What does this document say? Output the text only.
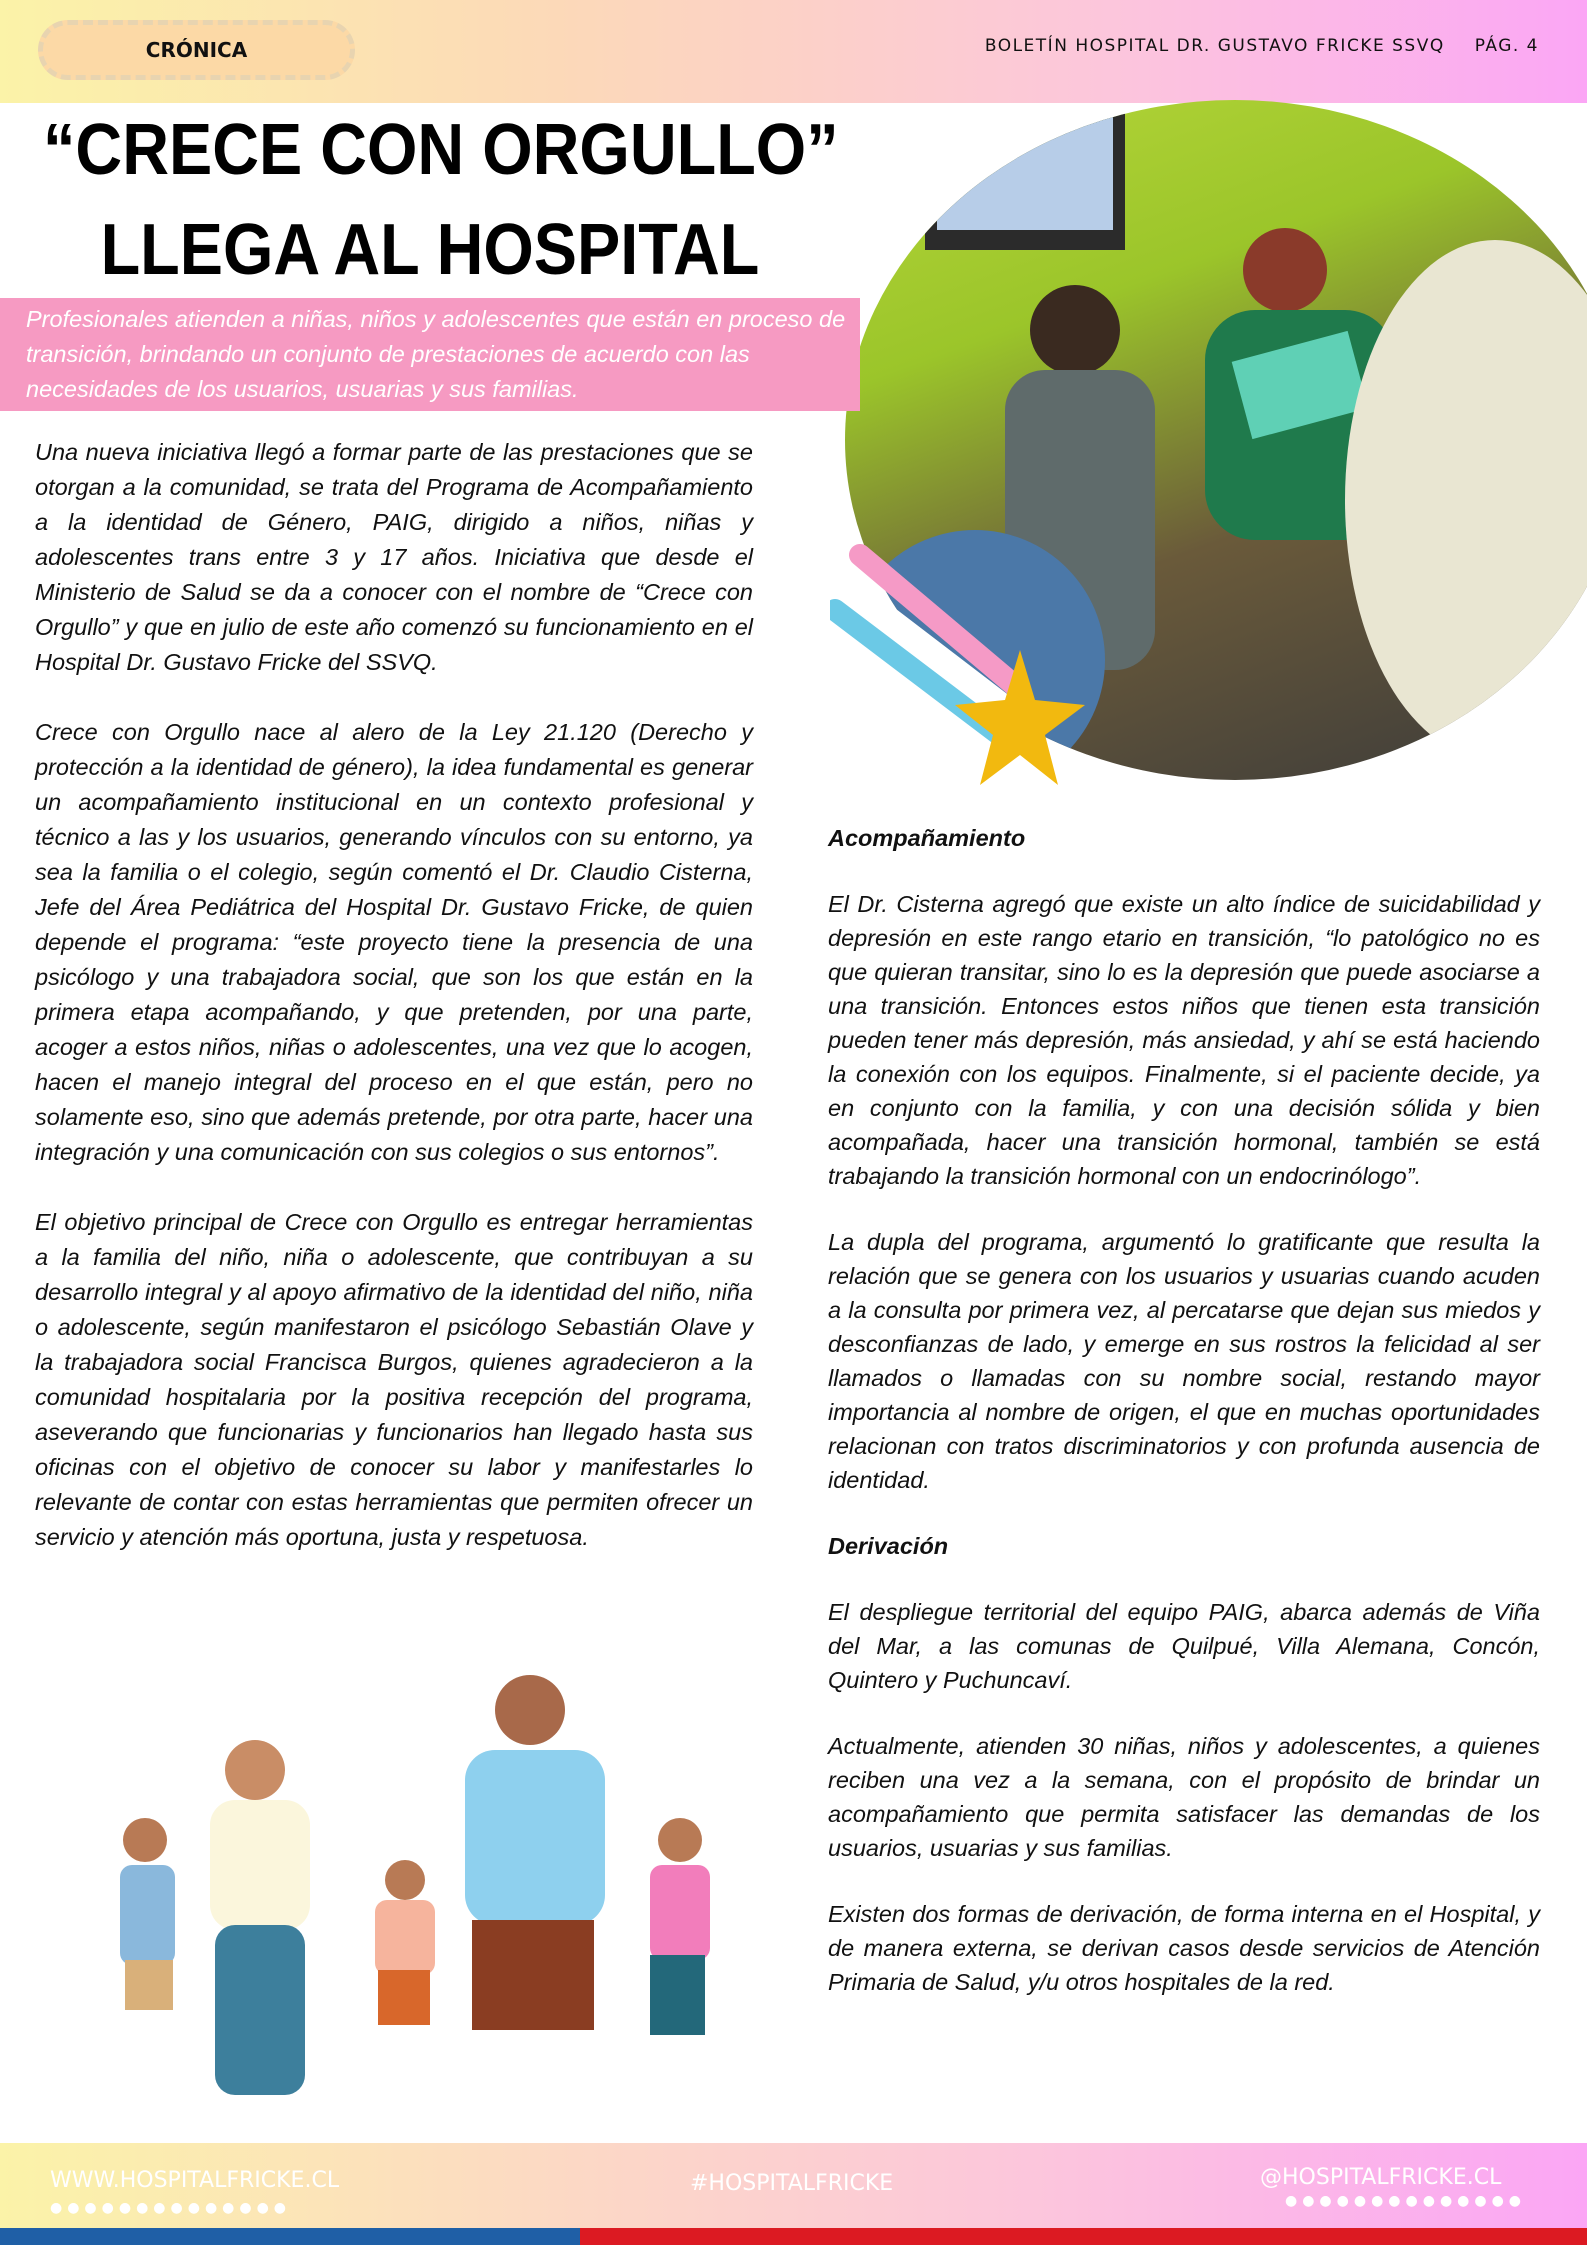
CRÓNICA	BOLETÍN HOSPITAL DR. GUSTAVO FRICKE SSVQ PÁG. 4
“CRECE CON ORGULLO”
LLEGA AL HOSPITAL
Profesionales atienden a niñas, niños y adolescentes que están en proceso de transición, brindando un conjunto de prestaciones de acuerdo con las necesidades de los usuarios, usuarias y sus familias.

Una nueva iniciativa llegó a formar parte de las prestaciones que se otorgan a la comunidad, se trata del Programa de Acompañamiento a la identidad de Género, PAIG, dirigido a niños, niñas y adolescentes trans entre 3 y 17 años. Iniciativa que desde el Ministerio de Salud se da a conocer con el nombre de “Crece con Orgullo” y que en julio de este año comenzó su funcionamiento en el Hospital Dr. Gustavo Fricke del SSVQ.

Crece con Orgullo nace al alero de la Ley 21.120 (Derecho y protección a la identidad de género), la idea fundamental es generar un acompañamiento institucional en un contexto profesional y técnico a las y los usuarios, generando vínculos con su entorno, ya sea la familia o el colegio, según comentó el Dr. Claudio Cisterna, Jefe del Área Pediátrica del Hospital Dr. Gustavo Fricke, de quien depende el programa: “este proyecto tiene la presencia de una psicólogo y una trabajadora social, que son los que están en la primera etapa acompañando, y que pretenden, por una parte, acoger a estos niños, niñas o adolescentes, una vez que lo acogen, hacen el manejo integral del proceso en el que están, pero no solamente eso, sino que además pretende, por otra parte, hacer una integración y una comunicación con sus colegios o sus entornos”.

El objetivo principal de Crece con Orgullo es entregar herramientas a la familia del niño, niña o adolescente, que contribuyan a su desarrollo integral y al apoyo afirmativo de la identidad del niño, niña o adolescente, según manifestaron el psicólogo Sebastián Olave y la trabajadora social Francisca Burgos, quienes agradecieron a la comunidad hospitalaria por la positiva recepción del programa, aseverando que funcionarias y funcionarios han llegado hasta sus oficinas con el objetivo de conocer su labor y manifestarles lo relevante de contar con estas herramientas que permiten ofrecer un servicio y atención más oportuna, justa y respetuosa.

Acompañamiento

El Dr. Cisterna agregó que existe un alto índice de suicidabilidad y depresión en este rango etario en transición, “lo patológico no es que quieran transitar, sino lo es la depresión que puede asociarse a una transición. Entonces estos niños que tienen esta transición pueden tener más depresión, más ansiedad, y ahí se está haciendo la conexión con los equipos. Finalmente, si el paciente decide, ya en conjunto con la familia, y con una decisión sólida y bien acompañada, hacer una transición hormonal, también se está trabajando la transición hormonal con un endocrinólogo”.

La dupla del programa, argumentó lo gratificante que resulta la relación que se genera con los usuarios y usuarias cuando acuden a la consulta por primera vez, al percatarse que dejan sus miedos y desconfianzas de lado, y emerge en sus rostros la felicidad al ser llamados o llamadas con su nombre social, restando mayor importancia al nombre de origen, el que en muchas oportunidades relacionan con tratos discriminatorios y con profunda ausencia de identidad.

Derivación

El despliegue territorial del equipo PAIG, abarca además de Viña del Mar, a las comunas de Quilpué, Villa Alemana, Concón, Quintero y Puchuncaví.

Actualmente, atienden 30 niñas, niños y adolescentes, a quienes reciben una vez a la semana, con el propósito de brindar un acompañamiento que permita satisfacer las demandas de los usuarios, usuarias y sus familias.

Existen dos formas de derivación, de forma interna en el Hospital, y de manera externa, se derivan casos desde servicios de Atención Primaria de Salud, y/u otros hospitales de la red.

WWW.HOSPITALFRICKE.CL
●●●●●●●●●●●●●●
#HOSPITALFRICKE	@HOSPITALFRICKE.CL
●●●●●●●●●●●●●●
